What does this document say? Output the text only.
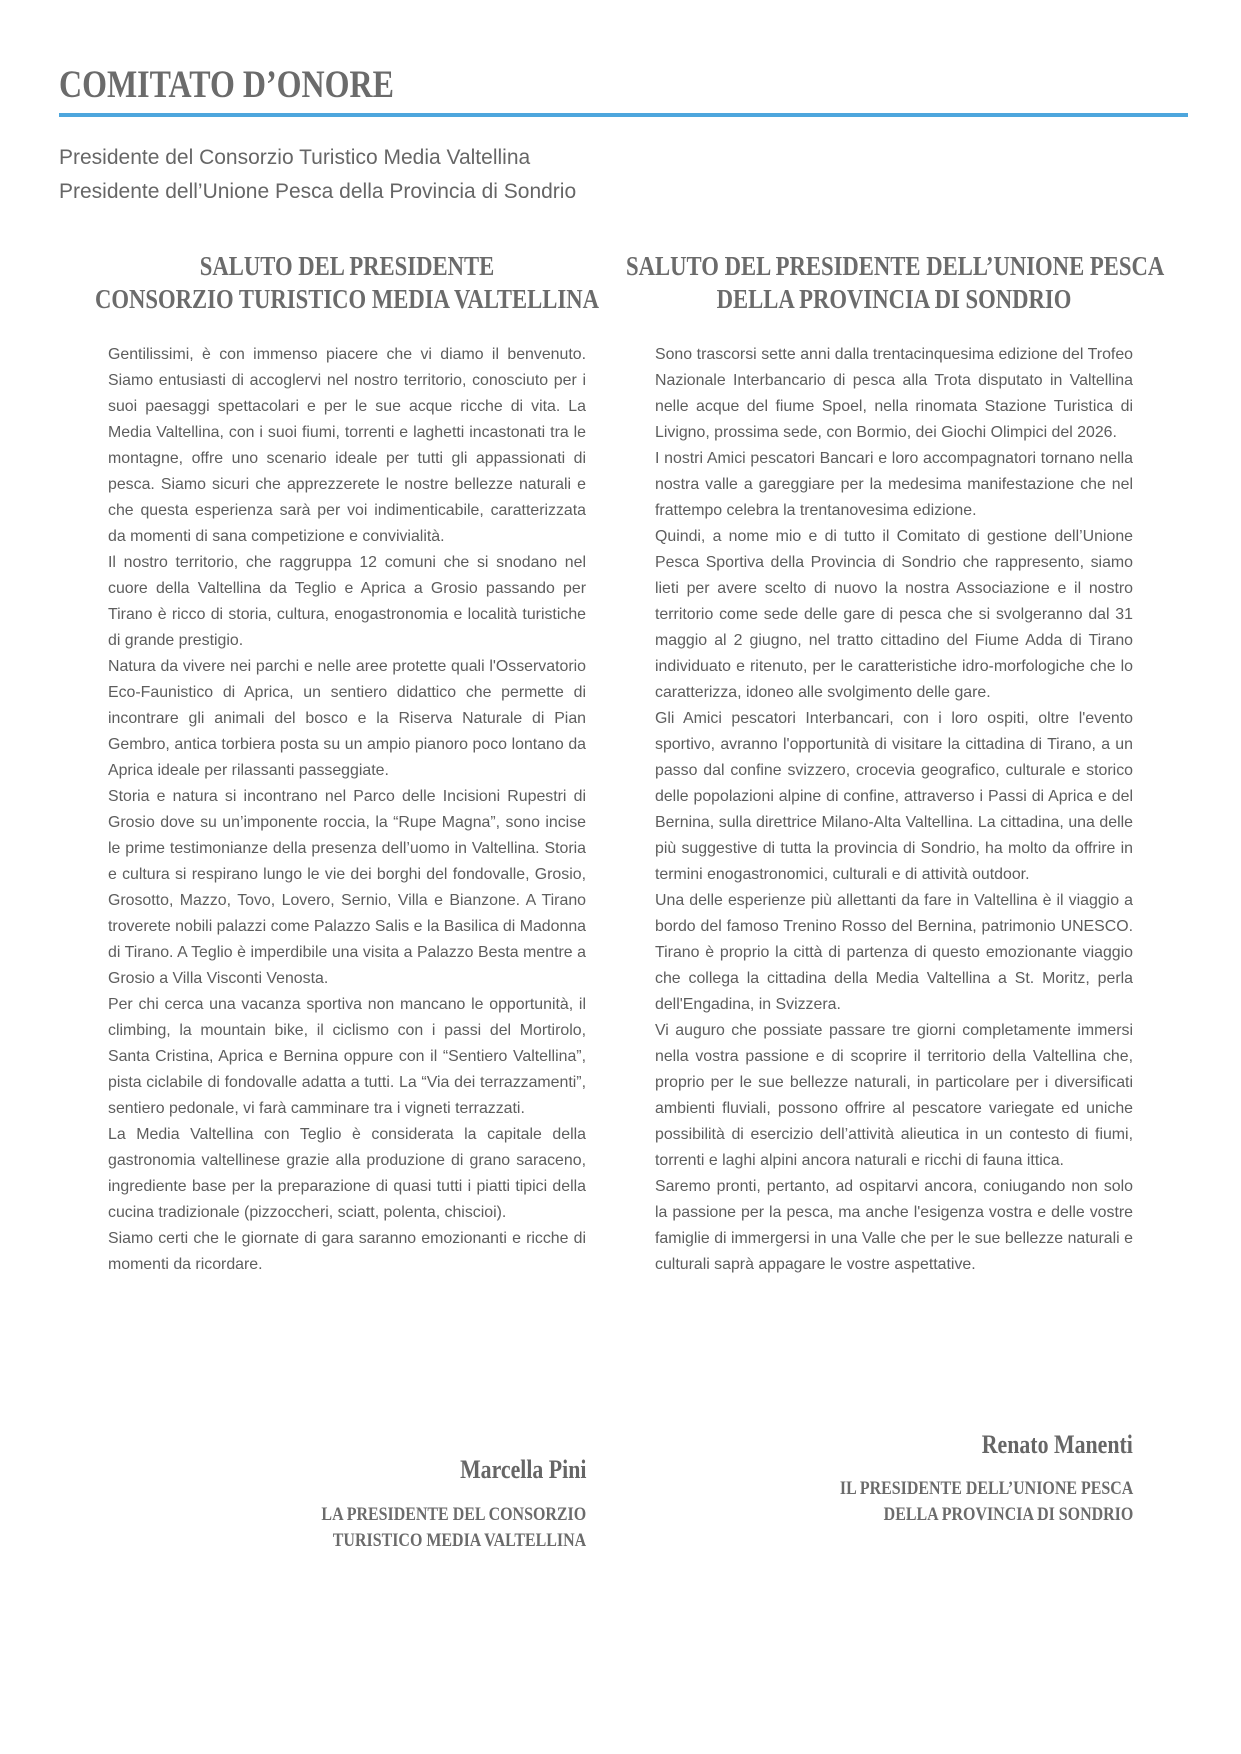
COMITATO D’ONORE
Presidente del Consorzio Turistico Media Valtellina
Presidente dell’Unione Pesca della Provincia di Sondrio
SALUTO DEL PRESIDENTE
CONSORZIO TURISTICO MEDIA VALTELLINA

Gentilissimi, è con immenso piacere che vi diamo il benvenuto. Siamo entusiasti di accoglervi nel nostro territorio, conosciuto per i suoi paesaggi spettacolari e per le sue acque ricche di vita. La Media Valtellina, con i suoi fiumi, torrenti e laghetti incastonati tra le montagne, offre uno scenario ideale per tutti gli appassionati di pesca. Siamo sicuri che apprezzerete le nostre bellezze naturali e che questa esperienza sarà per voi indimenticabile, caratterizzata da momenti di sana competizione e convivialità.

Il nostro territorio, che raggruppa 12 comuni che si snodano nel cuore della Valtellina da Teglio e Aprica a Grosio passando per Tirano è ricco di storia, cultura, enogastronomia e località turistiche di grande prestigio.

Natura da vivere nei parchi e nelle aree protette quali l'Osservatorio Eco-Faunistico di Aprica, un sentiero didattico che permette di incontrare gli animali del bosco e la Riserva Naturale di Pian Gembro, antica torbiera posta su un ampio pianoro poco lontano da Aprica ideale per rilassanti passeggiate.

Storia e natura si incontrano nel Parco delle Incisioni Rupestri di Grosio dove su un’imponente roccia, la “Rupe Magna”, sono incise le prime testimonianze della presenza dell’uomo in Valtellina. Storia e cultura si respirano lungo le vie dei borghi del fondovalle, Grosio, Grosotto, Mazzo, Tovo, Lovero, Sernio, Villa e Bianzone. A Tirano troverete nobili palazzi come Palazzo Salis e la Basilica di Madonna di Tirano. A Teglio è imperdibile una visita a Palazzo Besta mentre a Grosio a Villa Visconti Venosta.

Per chi cerca una vacanza sportiva non mancano le opportunità, il climbing, la mountain bike, il ciclismo con i passi del Mortirolo, Santa Cristina, Aprica e Bernina oppure con il “Sentiero Valtellina”, pista ciclabile di fondovalle adatta a tutti. La “Via dei terrazzamenti”, sentiero pedonale, vi farà camminare tra i vigneti terrazzati.

La Media Valtellina con Teglio è considerata la capitale della gastronomia valtellinese grazie alla produzione di grano saraceno, ingrediente base per la preparazione di quasi tutti i piatti tipici della cucina tradizionale (pizzoccheri, sciatt, polenta, chiscioi).

Siamo certi che le giornate di gara saranno emozionanti e ricche di momenti da ricordare.

Marcella Pini
LA PRESIDENTE DEL CONSORZIO
TURISTICO MEDIA VALTELLINA
SALUTO DEL PRESIDENTE DELL’UNIONE PESCA
DELLA PROVINCIA DI SONDRIO

Sono trascorsi sette anni dalla trentacinquesima edizione del Trofeo Nazionale Interbancario di pesca alla Trota disputato in Valtellina nelle acque del fiume Spoel, nella rinomata Stazione Turistica di Livigno, prossima sede, con Bormio, dei Giochi Olimpici del 2026.

I nostri Amici pescatori Bancari e loro accompagnatori tornano nella nostra valle a gareggiare per la medesima manifestazione che nel frattempo celebra la trentanovesima edizione.

Quindi, a nome mio e di tutto il Comitato di gestione dell’Unione Pesca Sportiva della Provincia di Sondrio che rappresento, siamo lieti per avere scelto di nuovo la nostra Associazione e il nostro territorio come sede delle gare di pesca che si svolgeranno dal 31 maggio al 2 giugno, nel tratto cittadino del Fiume Adda di Tirano individuato e ritenuto, per le caratteristiche idro-morfologiche che lo caratterizza, idoneo alle svolgimento delle gare.

Gli Amici pescatori Interbancari, con i loro ospiti, oltre l'evento sportivo, avranno l'opportunità di visitare la cittadina di Tirano, a un passo dal confine svizzero, crocevia geografico, culturale e storico delle popolazioni alpine di confine, attraverso i Passi di Aprica e del Bernina, sulla direttrice Milano-Alta Valtellina. La cittadina, una delle più suggestive di tutta la provincia di Sondrio, ha molto da offrire in termini enogastronomici, culturali e di attività outdoor.

Una delle esperienze più allettanti da fare in Valtellina è il viaggio a bordo del famoso Trenino Rosso del Bernina, patrimonio UNESCO. Tirano è proprio la città di partenza di questo emozionante viaggio che collega la cittadina della Media Valtellina a St. Moritz, perla dell'Engadina, in Svizzera.

Vi auguro che possiate passare tre giorni completamente immersi nella vostra passione e di scoprire il territorio della Valtellina che, proprio per le sue bellezze naturali, in particolare per i diversificati ambienti fluviali, possono offrire al pescatore variegate ed uniche possibilità di esercizio dell’attività alieutica in un contesto di fiumi, torrenti e laghi alpini ancora naturali e ricchi di fauna ittica.

Saremo pronti, pertanto, ad ospitarvi ancora, coniugando non solo la passione per la pesca, ma anche l'esigenza vostra e delle vostre famiglie di immergersi in una Valle che per le sue bellezze naturali e culturali saprà appagare le vostre aspettative.

Renato Manenti
IL PRESIDENTE DELL’UNIONE PESCA
DELLA PROVINCIA DI SONDRIO
